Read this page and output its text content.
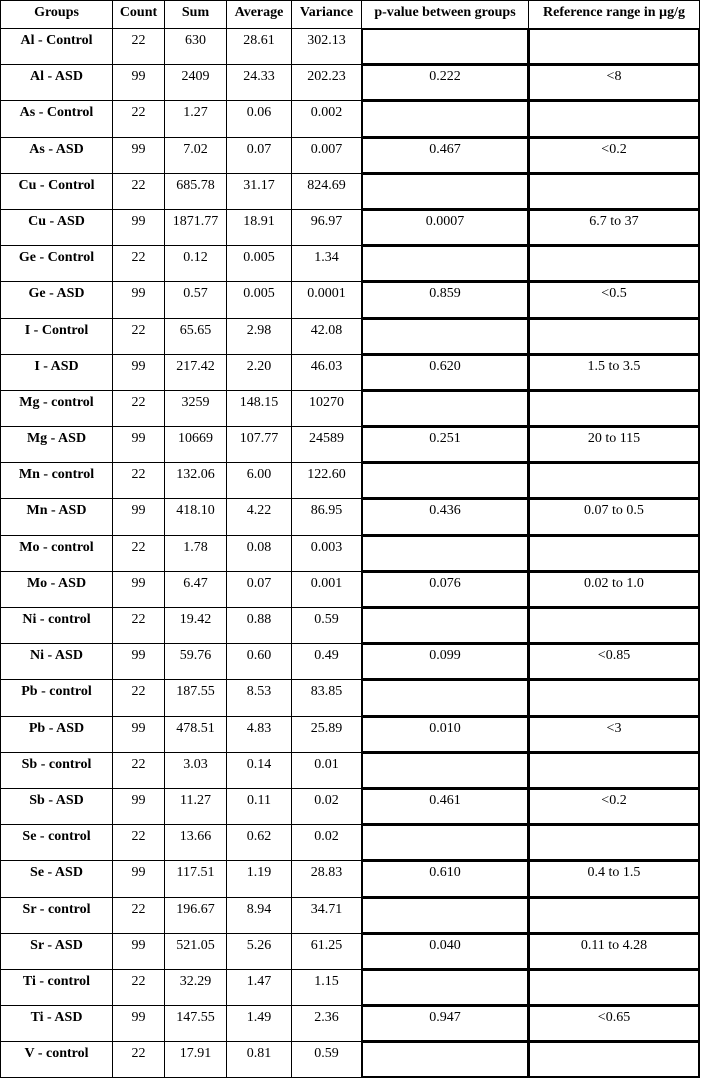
Groups	Count	Sum	Average	Variance	p-value between groups	Reference range in µg/g
Al - Control	22	630	28.61	302.13		
Al - ASD	99	2409	24.33	202.23	0.222	<8
As - Control	22	1.27	0.06	0.002		
As - ASD	99	7.02	0.07	0.007	0.467	<0.2
Cu - Control	22	685.78	31.17	824.69		
Cu - ASD	99	1871.77	18.91	96.97	0.0007	6.7 to 37
Ge - Control	22	0.12	0.005	1.34		
Ge - ASD	99	0.57	0.005	0.0001	0.859	<0.5
I - Control	22	65.65	2.98	42.08		
I - ASD	99	217.42	2.20	46.03	0.620	1.5 to 3.5
Mg - control	22	3259	148.15	10270		
Mg - ASD	99	10669	107.77	24589	0.251	20 to 115
Mn - control	22	132.06	6.00	122.60		
Mn - ASD	99	418.10	4.22	86.95	0.436	0.07 to 0.5
Mo - control	22	1.78	0.08	0.003		
Mo - ASD	99	6.47	0.07	0.001	0.076	0.02 to 1.0
Ni - control	22	19.42	0.88	0.59		
Ni - ASD	99	59.76	0.60	0.49	0.099	<0.85
Pb - control	22	187.55	8.53	83.85		
Pb - ASD	99	478.51	4.83	25.89	0.010	<3
Sb - control	22	3.03	0.14	0.01		
Sb - ASD	99	11.27	0.11	0.02	0.461	<0.2
Se - control	22	13.66	0.62	0.02		
Se - ASD	99	117.51	1.19	28.83	0.610	0.4 to 1.5
Sr - control	22	196.67	8.94	34.71		
Sr - ASD	99	521.05	5.26	61.25	0.040	0.11 to 4.28
Ti - control	22	32.29	1.47	1.15		
Ti - ASD	99	147.55	1.49	2.36	0.947	<0.65
V - control	22	17.91	0.81	0.59		
